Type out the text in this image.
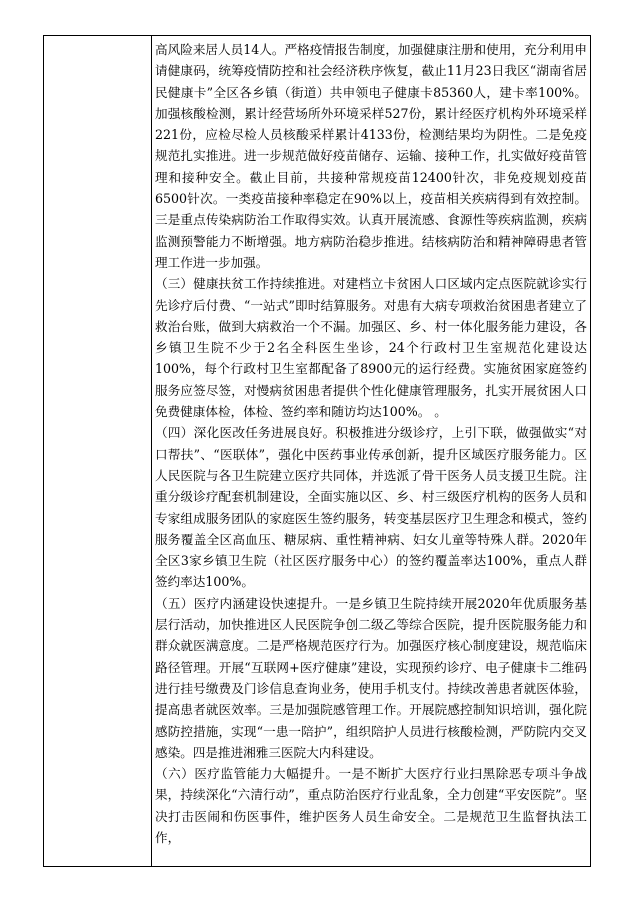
高风险来居人员14人。严格疫情报告制度，加强健康注册和使用，充分利用申请健康码，统筹疫情防控和社会经济秩序恢复，截止11月23日我区“湖南省居民健康卡”全区各乡镇（街道）共申领电子健康卡85360人，建卡率100%。加强核酸检测，累计经营场所外环境采样527份，累计经医疗机构外环境采样221份，应检尽检人员核酸采样累计4133份，检测结果均为阴性。二是免疫规范扎实推进。进一步规范做好疫苗储存、运输、接种工作，扎实做好疫苗管理和接种安全。截止目前，共接种常规疫苗12400针次，非免疫规划疫苗6500针次。一类疫苗接种率稳定在90%以上，疫苗相关疾病得到有效控制。三是重点传染病防治工作取得实效。认真开展流感、食源性等疾病监测，疾病监测预警能力不断增强。地方病防治稳步推进。结核病防治和精神障碍患者管理工作进一步加强。

（三）健康扶贫工作持续推进。对建档立卡贫困人口区域内定点医院就诊实行先诊疗后付费、“一站式”即时结算服务。对患有大病专项救治贫困患者建立了救治台账，做到大病救治一个不漏。加强区、乡、村一体化服务能力建设，各乡镇卫生院不少于2名全科医生坐诊，24个行政村卫生室规范化建设达100%，每个行政村卫生室都配备了8900元的运行经费。实施贫困家庭签约服务应签尽签，对慢病贫困患者提供个性化健康管理服务，扎实开展贫困人口免费健康体检，体检、签约率和随访均达100%。 。

（四）深化医改任务进展良好。积极推进分级诊疗，上引下联，做强做实“对口帮扶”、“医联体”，强化中医药事业传承创新，提升区域医疗服务能力。区人民医院与各卫生院建立医疗共同体，并选派了骨干医务人员支援卫生院。注重分级诊疗配套机制建设，全面实施以区、乡、村三级医疗机构的医务人员和专家组成服务团队的家庭医生签约服务，转变基层医疗卫生理念和模式，签约服务覆盖全区高血压、糖尿病、重性精神病、妇女儿童等特殊人群。2020年全区3家乡镇卫生院（社区医疗服务中心）的签约覆盖率达100%，重点人群签约率达100%。

（五）医疗内涵建设快速提升。一是乡镇卫生院持续开展2020年优质服务基层行活动，加快推进区人民医院争创二级乙等综合医院，提升医院服务能力和群众就医满意度。二是严格规范医疗行为。加强医疗核心制度建设，规范临床路径管理。开展“互联网+医疗健康”建设，实现预约诊疗、电子健康卡二维码进行挂号缴费及门诊信息查询业务，使用手机支付。持续改善患者就医体验，提高患者就医效率。三是加强院感管理工作。开展院感控制知识培训，强化院感防控措施，实现“一患一陪护”，组织陪护人员进行核酸检测，严防院内交叉感染。四是推进湘雅三医院大内科建设。

（六）医疗监管能力大幅提升。一是不断扩大医疗行业扫黑除恶专项斗争战果，持续深化“六清行动”，重点防治医疗行业乱象，全力创建“平安医院”。坚决打击医闹和伤医事件，维护医务人员生命安全。二是规范卫生监督执法工作，
